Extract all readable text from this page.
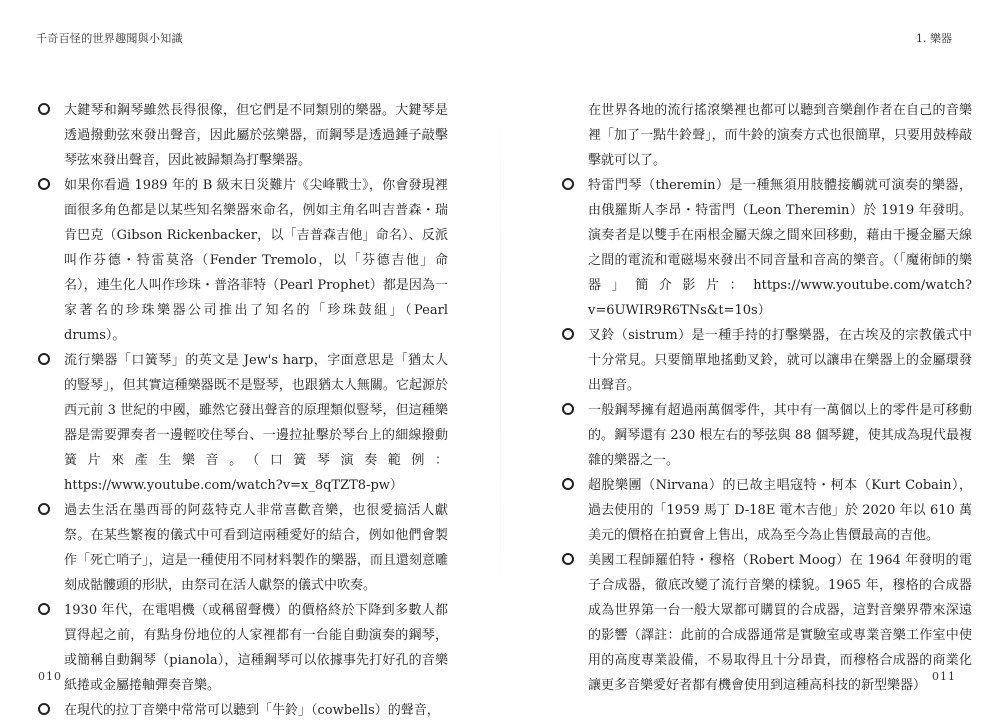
千奇百怪的世界趣聞與小知識	1. 樂器
大鍵琴和鋼琴雖然長得很像，但它們是不同類別的樂器。大鍵琴是透過撥動弦來發出聲音，因此屬於弦樂器，而鋼琴是透過錘子敲擊琴弦來發出聲音，因此被歸類為打擊樂器。
如果你看過 1989 年的 B 級末日災難片《尖峰戰士》，你會發現裡面很多角色都是以某些知名樂器來命名，例如主角名叫吉普森・瑞肯巴克（Gibson Rickenbacker，以「吉普森吉他」命名）、反派叫作芬德・特雷莫洛（Fender Tremolo，以「芬德吉他」命名），連生化人叫作珍珠・普洛菲特（Pearl Prophet）都是因為一家著名的珍珠樂器公司推出了知名的「珍珠鼓組」（Pearl drums）。
流行樂器「口簧琴」的英文是 Jew's harp，字面意思是「猶太人的豎琴」，但其實這種樂器既不是豎琴，也跟猶太人無關。它起源於西元前 3 世紀的中國，雖然它發出聲音的原理類似豎琴，但這種樂器是需要彈奏者一邊輕咬住琴台、一邊拉扯擊於琴台上的細線撥動簧片來產生樂音。（口簧琴演奏範例：https://www.youtube.com/watch?v=x_8qTZT8-pw）
過去生活在墨西哥的阿茲特克人非常喜歡音樂，也很愛搞活人獻祭。在某些繁複的儀式中可看到這兩種愛好的結合，例如他們會製作「死亡哨子」，這是一種使用不同材料製作的樂器，而且還刻意雕刻成骷髏頭的形狀，由祭司在活人獻祭的儀式中吹奏。
1930 年代，在電唱機（或稱留聲機）的價格終於下降到多數人都買得起之前，有點身份地位的人家裡都有一台能自動演奏的鋼琴，或簡稱自動鋼琴（pianola），這種鋼琴可以依據事先打好孔的音樂紙捲或金屬捲軸彈奏音樂。
在現代的拉丁音樂中常常可以聽到「牛鈴」（cowbells）的聲音，

在世界各地的流行搖滾樂裡也都可以聽到音樂創作者在自己的音樂裡「加了一點牛鈴聲」，而牛鈴的演奏方式也很簡單，只要用鼓棒敲擊就可以了。

特雷門琴（theremin）是一種無須用肢體接觸就可演奏的樂器，由俄羅斯人李昂・特雷門（Leon Theremin）於 1919 年發明。演奏者是以雙手在兩根金屬天線之間來回移動，藉由干擾金屬天線之間的電流和電磁場來發出不同音量和音高的樂音。（「魔術師的樂器」簡介影片：https://www.youtube.com/watch?v=6UWIR9R6TNs&t=10s）
叉鈴（sistrum）是一種手持的打擊樂器，在古埃及的宗教儀式中十分常見。只要簡單地搖動叉鈴，就可以讓串在樂器上的金屬環發出聲音。
一般鋼琴擁有超過兩萬個零件，其中有一萬個以上的零件是可移動的。鋼琴還有 230 根左右的琴弦與 88 個琴鍵，使其成為現代最複雜的樂器之一。
超脫樂團（Nirvana）的已故主唱寇特・柯本（Kurt Cobain），過去使用的「1959 馬丁 D-18E 電木吉他」於 2020 年以 610 萬美元的價格在拍賣會上售出，成為至今為止售價最高的吉他。
美國工程師羅伯特・穆格（Robert Moog）在 1964 年發明的電子合成器，徹底改變了流行音樂的樣貌。1965 年，穆格的合成器成為世界第一台一般大眾都可購買的合成器，這對音樂界帶來深遠的影響（譯註：此前的合成器通常是實驗室或專業音樂工作室中使用的高度專業設備，不易取得且十分昂貴，而穆格合成器的商業化讓更多音樂愛好者都有機會使用到這種高科技的新型樂器）
010	011
